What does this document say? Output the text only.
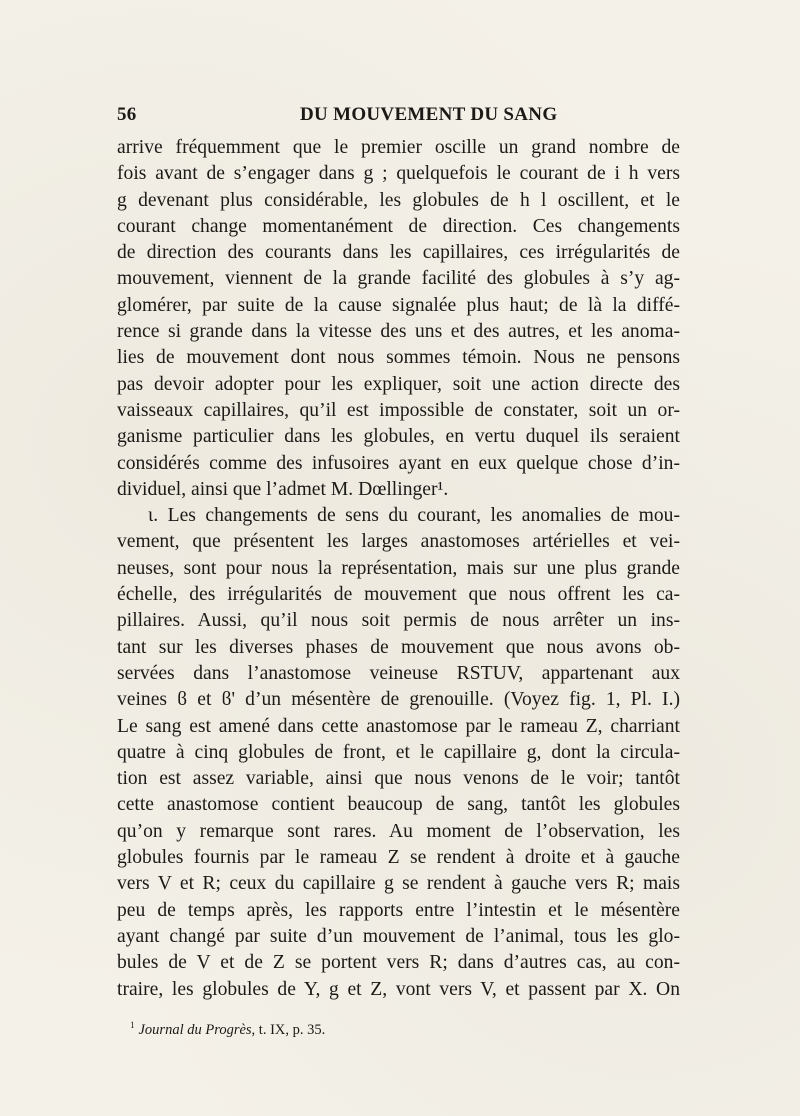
56	DU MOUVEMENT DU SANG
arrive fréquemment que le premier oscille un grand nombre de
fois avant de s’engager dans g ; quelquefois le courant de i h vers
g devenant plus considérable, les globules de h l oscillent, et le
courant change momentanément de direction. Ces changements
de direction des courants dans les capillaires, ces irrégularités de
mouvement, viennent de la grande facilité des globules à s’y ag-
glomérer, par suite de la cause signalée plus haut; de là la diffé-
rence si grande dans la vitesse des uns et des autres, et les anoma-
lies de mouvement dont nous sommes témoin. Nous ne pensons
pas devoir adopter pour les expliquer, soit une action directe des
vaisseaux capillaires, qu’il est impossible de constater, soit un or-
ganisme particulier dans les globules, en vertu duquel ils seraient
considérés comme des infusoires ayant en eux quelque chose d’in-
dividuel, ainsi que l’admet M. Dœllinger¹.
ι. Les changements de sens du courant, les anomalies de mou-
vement, que présentent les larges anastomoses artérielles et vei-
neuses, sont pour nous la représentation, mais sur une plus grande
échelle, des irrégularités de mouvement que nous offrent les ca-
pillaires. Aussi, qu’il nous soit permis de nous arrêter un ins-
tant sur les diverses phases de mouvement que nous avons ob-
servées dans l’anastomose veineuse RSTUV, appartenant aux
veines ϐ et ϐ' d’un mésentère de grenouille. (Voyez fig. 1, Pl. I.)
Le sang est amené dans cette anastomose par le rameau Z, charriant
quatre à cinq globules de front, et le capillaire g, dont la circula-
tion est assez variable, ainsi que nous venons de le voir; tantôt
cette anastomose contient beaucoup de sang, tantôt les globules
qu’on y remarque sont rares. Au moment de l’observation, les
globules fournis par le rameau Z se rendent à droite et à gauche
vers V et R; ceux du capillaire g se rendent à gauche vers R; mais
peu de temps après, les rapports entre l’intestin et le mésentère
ayant changé par suite d’un mouvement de l’animal, tous les glo-
bules de V et de Z se portent vers R; dans d’autres cas, au con-
traire, les globules de Y, g et Z, vont vers V, et passent par X. On
$^1$ Journal du Progrès, t. IX, p. 35.
